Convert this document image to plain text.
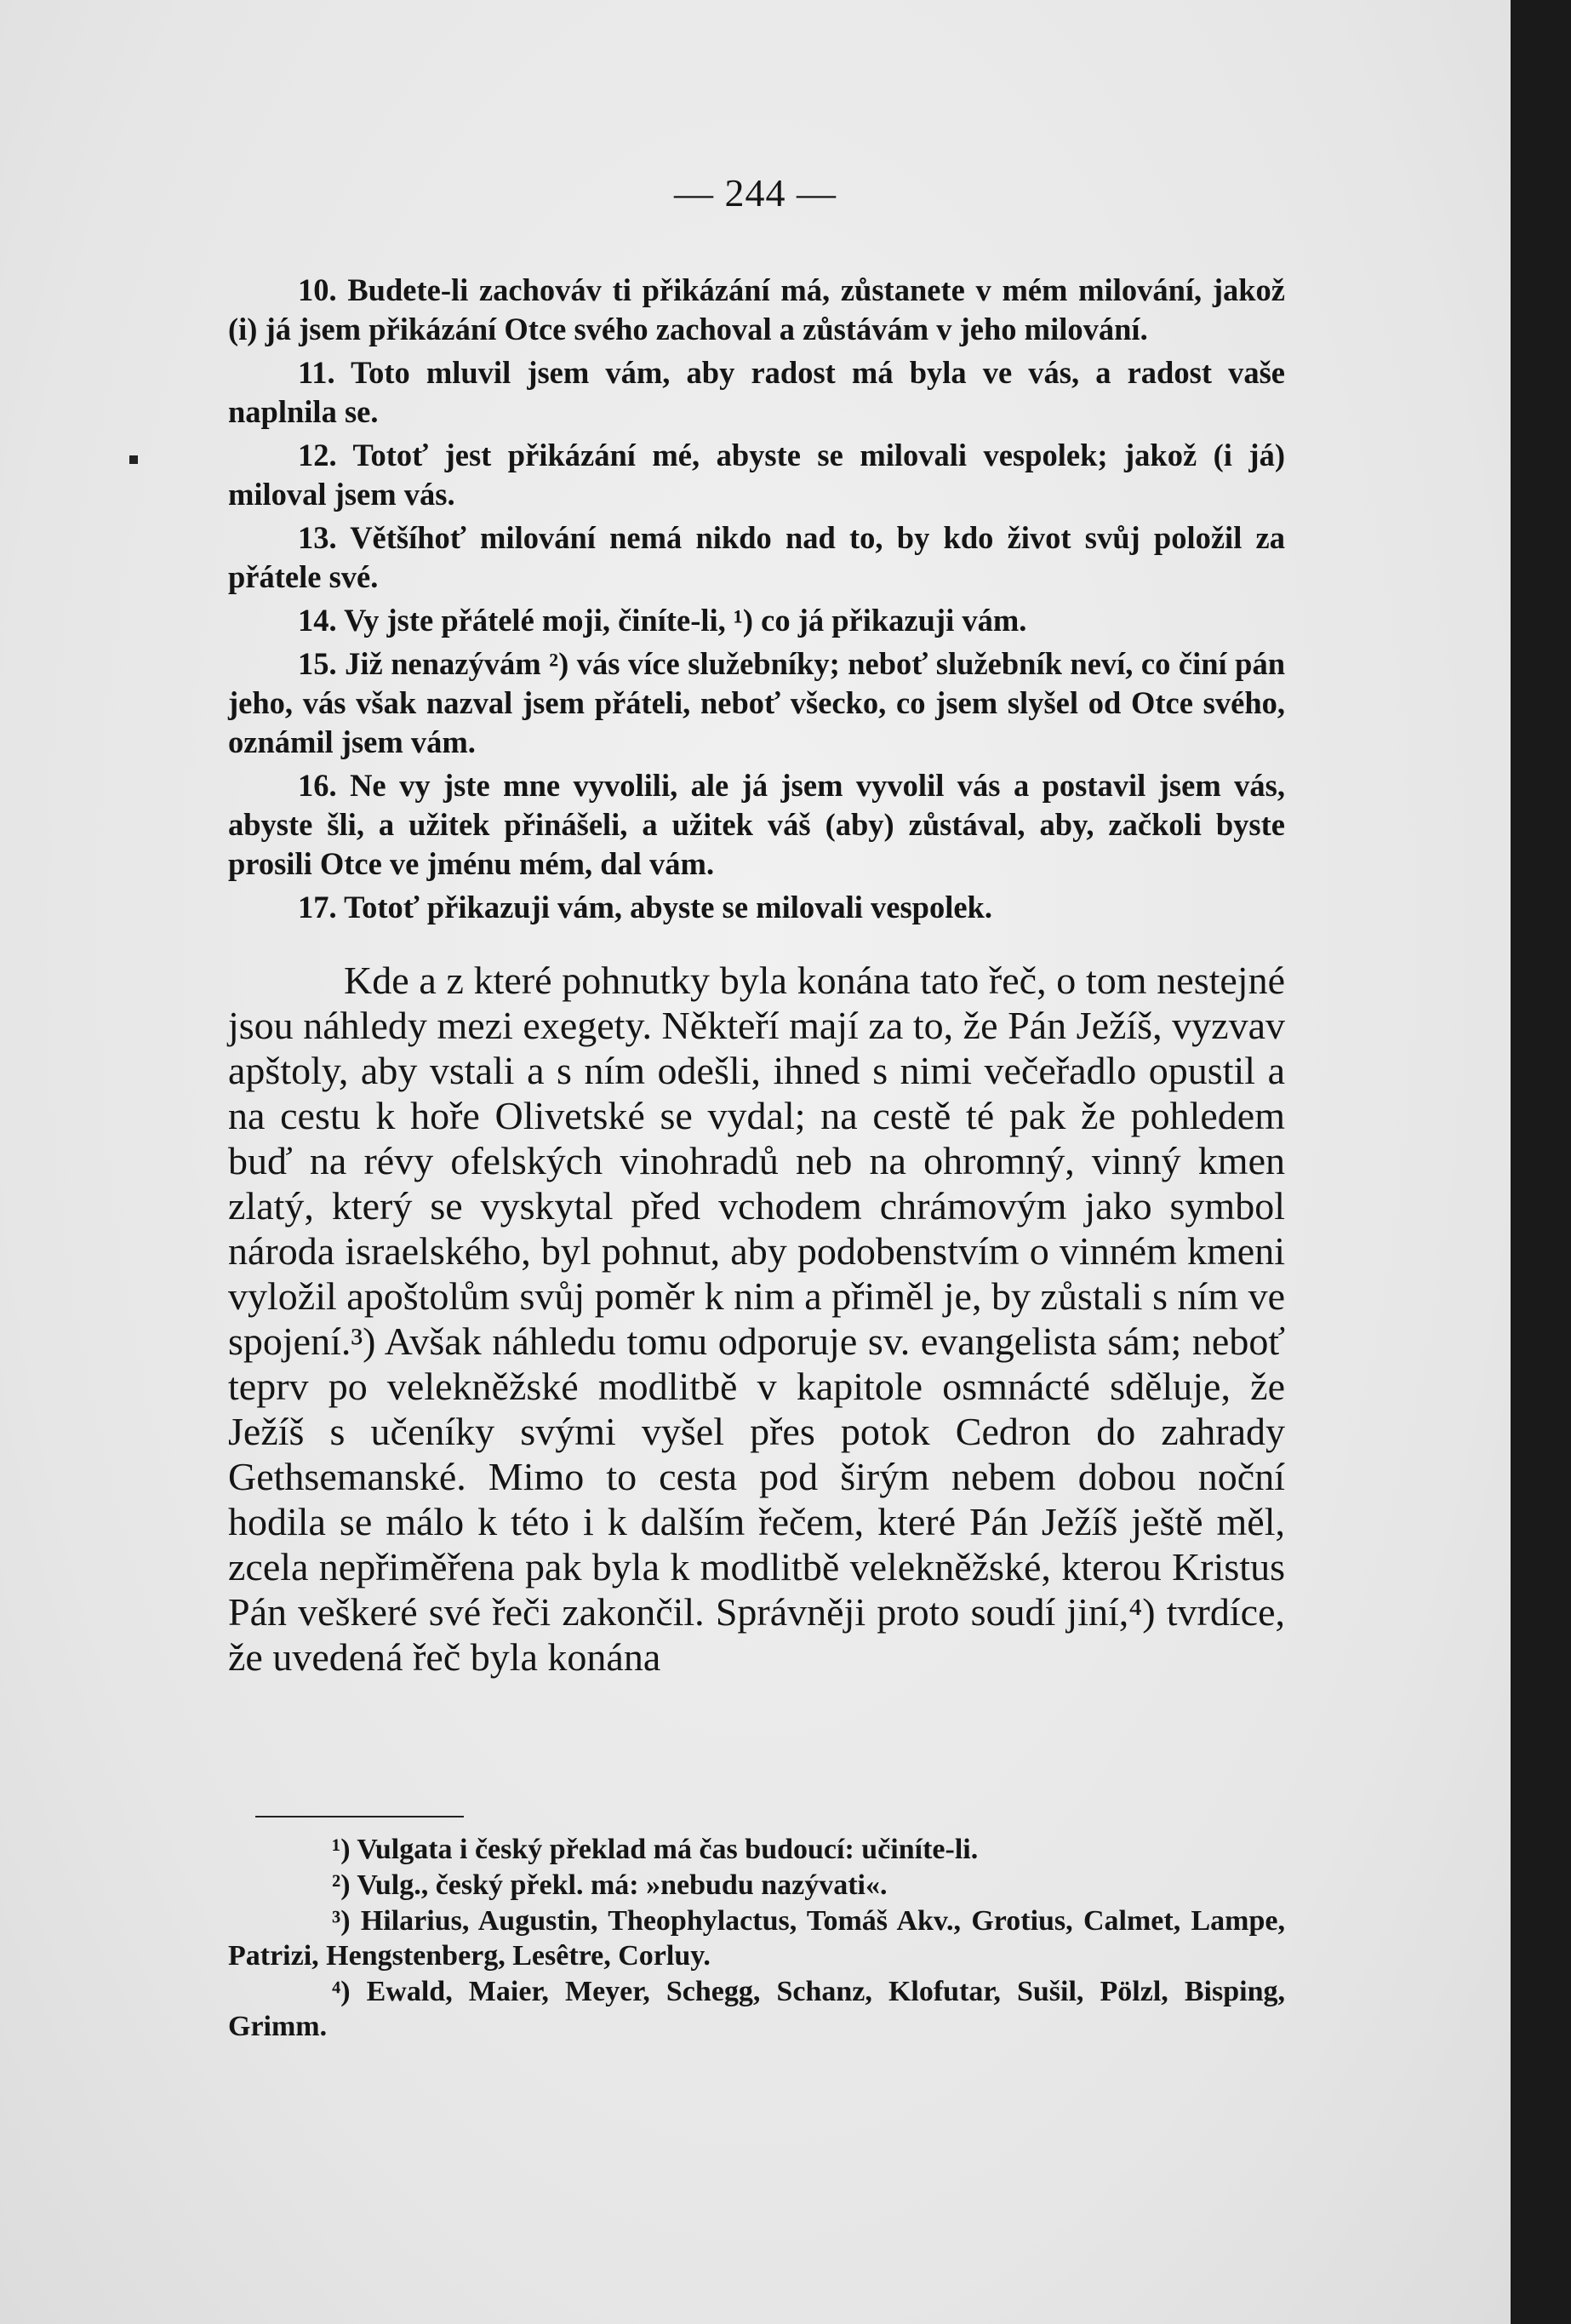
— 244 —

10. Budete-li zachováv ti přikázání má, zůstanete v mém milování, jakož (i) já jsem přikázání Otce svého zachoval a zůstávám v jeho milování.

11. Toto mluvil jsem vám, aby radost má byla ve vás, a radost vaše naplnila se.

12. Totoť jest přikázání mé, abyste se milovali vespolek; jakož (i já) miloval jsem vás.

13. Většíhoť milování nemá nikdo nad to, by kdo život svůj položil za přátele své.

14. Vy jste přátelé moji, činíte-li, ¹) co já přikazuji vám.

15. Již nenazývám ²) vás více služebníky; neboť služebník neví, co činí pán jeho, vás však nazval jsem přáteli, neboť všecko, co jsem slyšel od Otce svého, oznámil jsem vám.

16. Ne vy jste mne vyvolili, ale já jsem vyvolil vás a postavil jsem vás, abyste šli, a užitek přinášeli, a užitek váš (aby) zůstával, aby, začkoli byste prosili Otce ve jménu mém, dal vám.

17. Totoť přikazuji vám, abyste se milovali vespolek.

Kde a z které pohnutky byla konána tato řeč, o tom nestejné jsou náhledy mezi exegety. Někteří mají za to, že Pán Ježíš, vyzvav apštoly, aby vstali a s ním odešli, ihned s nimi večeřadlo opustil a na cestu k hoře Olivetské se vydal; na cestě té pak že pohledem buď na révy ofelských vinohradů neb na ohromný, vinný kmen zlatý, který se vyskytal před vchodem chrámovým jako symbol národa israelského, byl pohnut, aby podobenstvím o vinném kmeni vyložil apoštolům svůj poměr k nim a přiměl je, by zůstali s ním ve spojení.³) Avšak náhledu tomu odporuje sv. evangelista sám; neboť teprv po velekněžské modlitbě v kapitole osmnácté sděluje, že Ježíš s učeníky svými vyšel přes potok Cedron do zahrady Gethsemanské. Mimo to cesta pod širým nebem dobou noční hodila se málo k této i k dalším řečem, které Pán Ježíš ještě měl, zcela nepřiměřena pak byla k modlitbě velekněžské, kterou Kristus Pán veškeré své řeči zakončil. Správněji proto soudí jiní,⁴) tvrdíce, že uvedená řeč byla konána

¹) Vulgata i český překlad má čas budoucí: učiníte-li.

²) Vulg., český překl. má: »nebudu nazývati«.

³) Hilarius, Augustin, Theophylactus, Tomáš Akv., Grotius, Calmet, Lampe, Patrizi, Hengstenberg, Lesêtre, Corluy.

⁴) Ewald, Maier, Meyer, Schegg, Schanz, Klofutar, Sušil, Pölzl, Bisping, Grimm.
